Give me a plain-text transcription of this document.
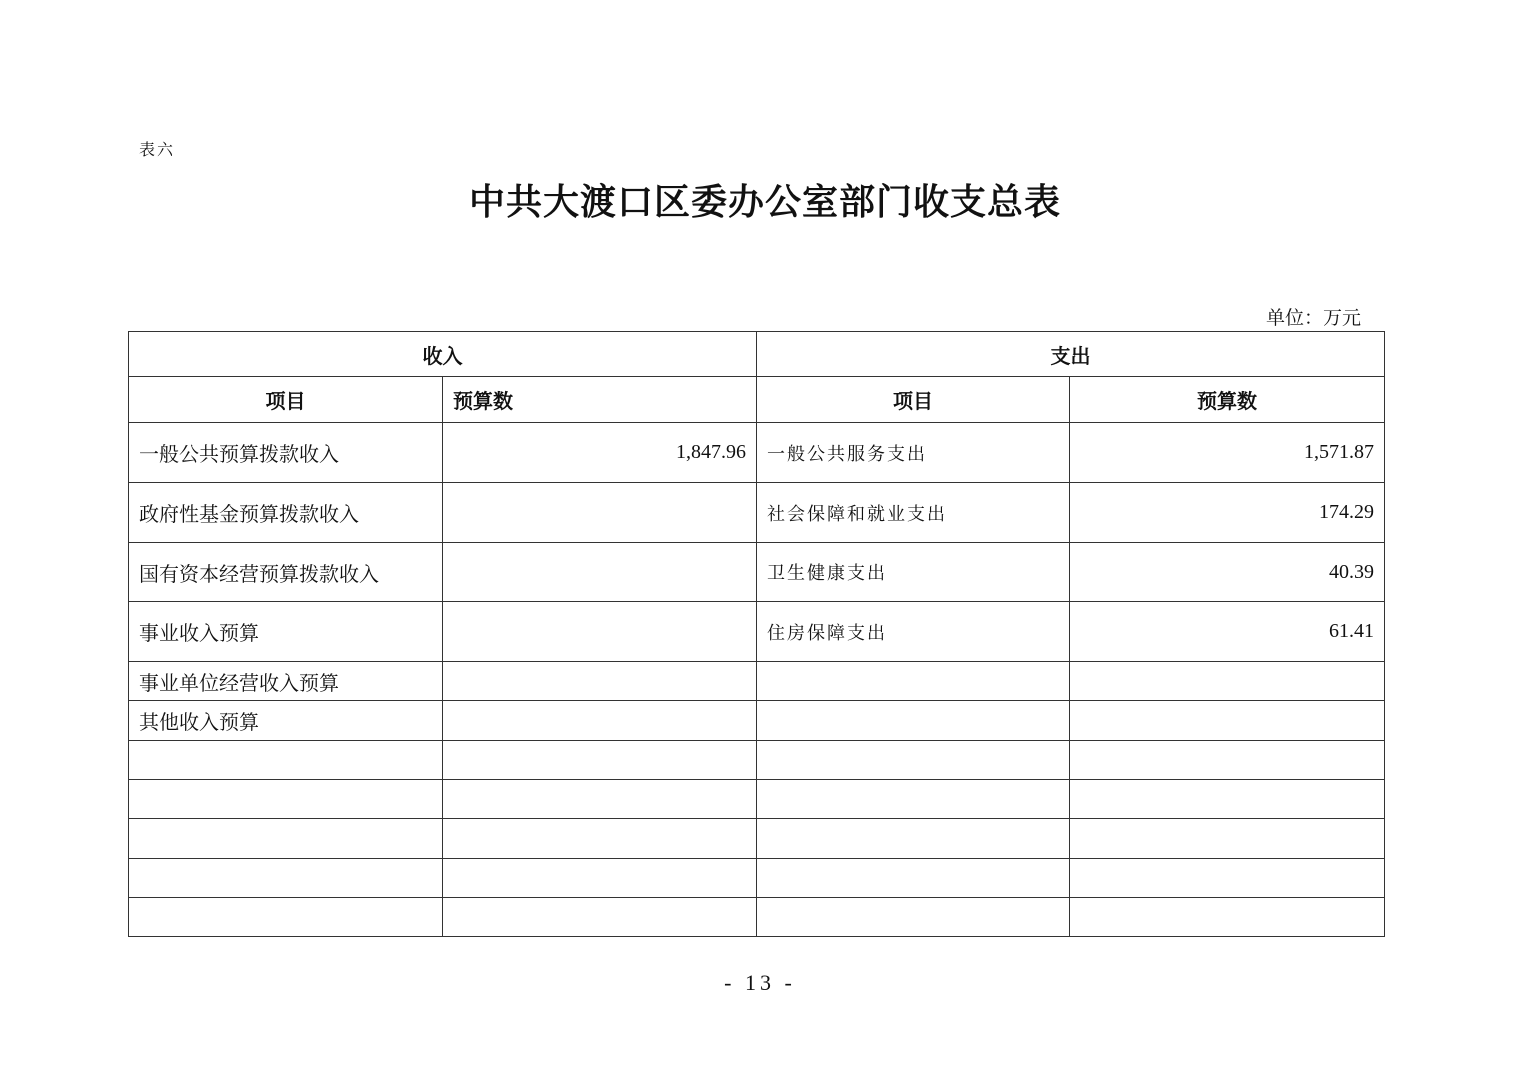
表六
中共大渡口区委办公室部门收支总表
单位：万元
收入		支出	
项目	预算数	项目	预算数
一般公共预算拨款收入	1,847.96	一般公共服务支出	1,571.87
政府性基金预算拨款收入		社会保障和就业支出	174.29
国有资本经营预算拨款收入		卫生健康支出	40.39
事业收入预算		住房保障支出	61.41
事业单位经营收入预算			
其他收入预算			

- 13 -
